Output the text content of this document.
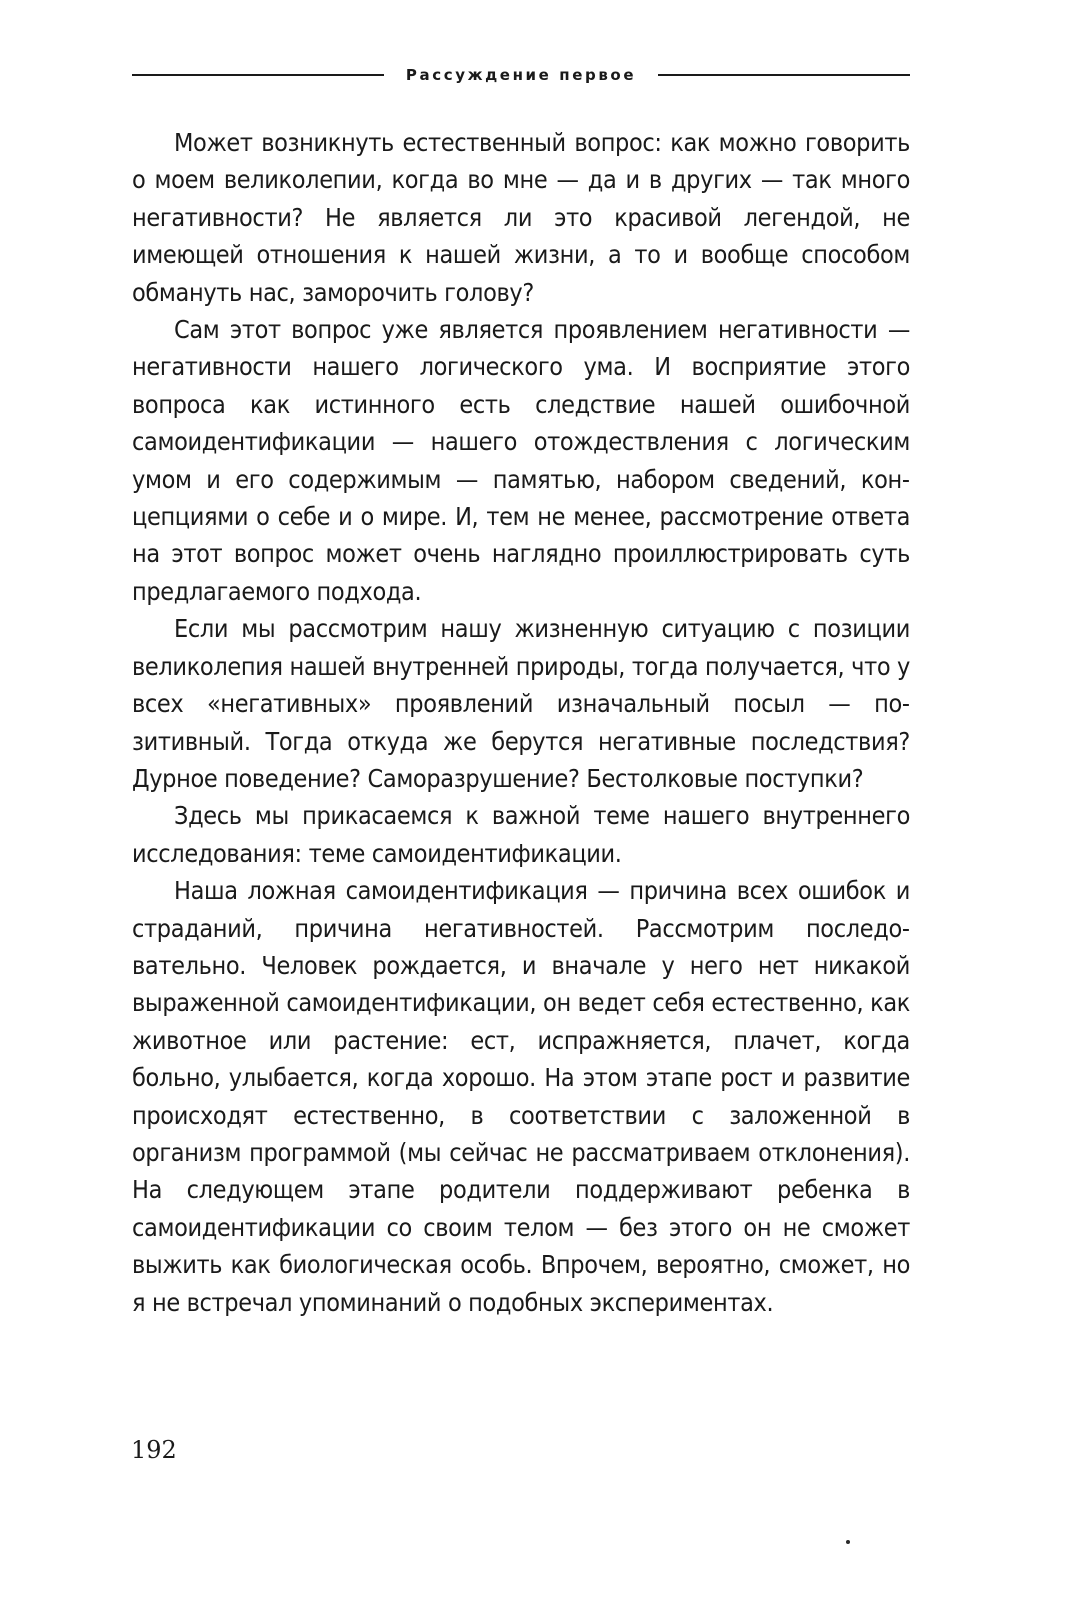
Рассуждение первое

Может возникнуть естественный вопрос: как можно говорить о моем великолепии, когда во мне — да и в других — так много негативности? Не является ли это красивой легендой, не имеющей отношения к нашей жизни, а то и вообще способом обмануть нас, заморочить голову?

Сам этот вопрос уже является проявлением негативности — негативности нашего логического ума. И восприятие этого вопроса как истинного есть следствие нашей ошибочной самоидентификации — нашего отождествления с логическим умом и его содержимым — памятью, набором сведений, концепциями о себе и о мире. И, тем не менее, рассмотрение ответа на этот вопрос может очень наглядно проиллюстрировать суть предлагаемого подхода.

Если мы рассмотрим нашу жизненную ситуацию с позиции великолепия нашей внутренней природы, тогда получается, что у всех «негативных» проявлений изначальный посыл — позитивный. Тогда откуда же берутся негативные последствия? Дурное поведение? Саморазрушение? Бестолковые поступки?

Здесь мы прикасаемся к важной теме нашего внутреннего исследования: теме самоидентификации.

Наша ложная самоидентификация — причина всех ошибок и страданий, причина негативностей. Рассмотрим последовательно. Человек рождается, и вначале у него нет никакой выраженной самоидентификации, он ведет себя естественно, как животное или растение: ест, испражняется, плачет, когда больно, улыбается, когда хорошо. На этом этапе рост и развитие происходят естественно, в соответствии с заложенной в организм программой (мы сейчас не рассматриваем отклонения). На следующем этапе родители поддерживают ребенка в самоидентификации со своим телом — без этого он не сможет выжить как биологическая особь. Впрочем, вероятно, сможет, но я не встречал упоминаний о подобных экспериментах.

192
